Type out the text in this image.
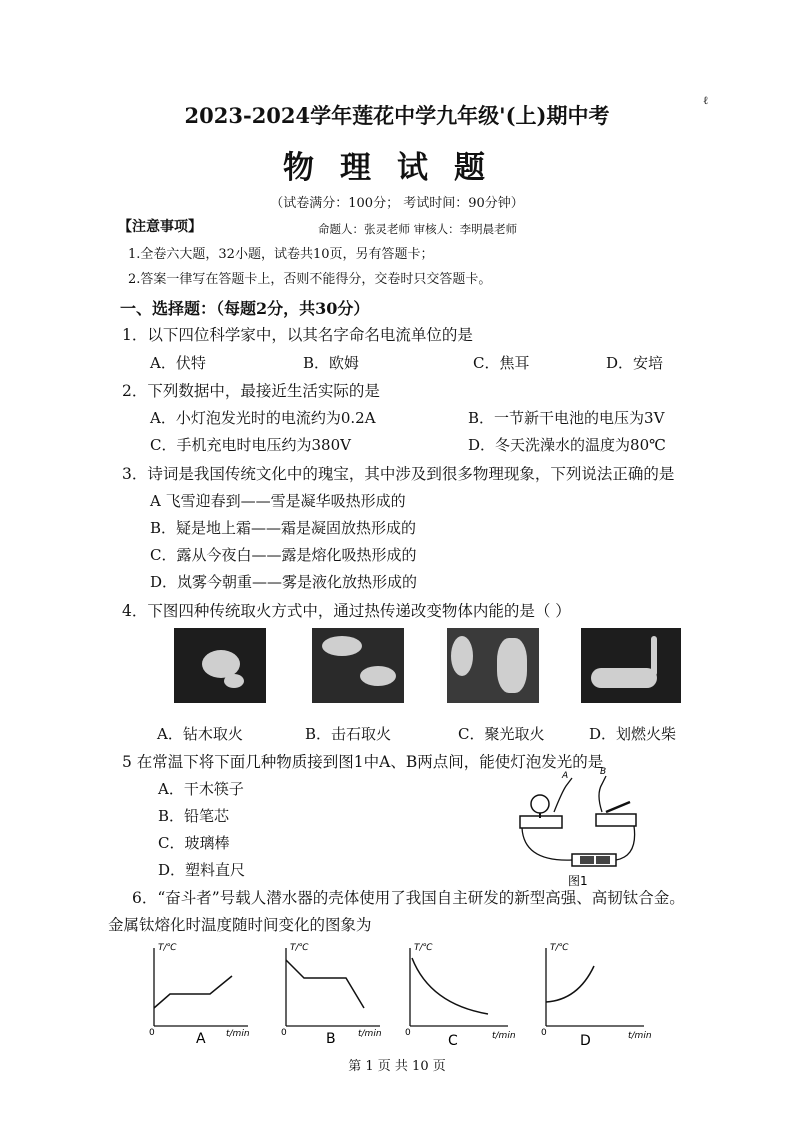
ℓ
2023-2024学年莲花中学九年级'(上)期中考
物理试题
（试卷满分：100分； 考试时间：90分钟）
【注意事项】	命题人：张灵老师 审核人：李明晨老师
1.全卷六大题，32小题，试卷共10页，另有答题卡；
2.答案一律写在答题卡上，否则不能得分，交卷时只交答题卡。
一、选择题：（每题2分，共30分）
1．以下四位科学家中，以其名字命名电流单位的是
A．伏特	B．欧姆	C．焦耳	D．安培
2．下列数据中，最接近生活实际的是
A．小灯泡发光时的电流约为0.2A	B．一节新干电池的电压为3V
C．手机充电时电压约为380V	D．冬天洗澡水的温度为80℃
3．诗词是我国传统文化中的瑰宝，其中涉及到很多物理现象，下列说法正确的是
A 飞雪迎春到——雪是凝华吸热形成的
B．疑是地上霜——霜是凝固放热形成的
C．露从今夜白——露是熔化吸热形成的
D．岚雾今朝重——雾是液化放热形成的
4．下图四种传统取火方式中，通过热传递改变物体内能的是（ ）
A．钻木取火	B．击石取火	C．聚光取火	D．划燃火柴
5 在常温下将下面几种物质接到图1中A、B两点间，能使灯泡发光的是
A．干木筷子
B．铅笔芯
C．玻璃棒
D．塑料直尺
A	B
图1
6．“奋斗者”号载人潜水器的壳体使用了我国自主研发的新型高强、高韧钛合金。
金属钛熔化时温度随时间变化的图象为
T/℃
t/min
0	A
T/℃
t/min
0	B
T/℃
t/min
0	C
T/℃
t/min
0 D
第 1 页 共 10 页
